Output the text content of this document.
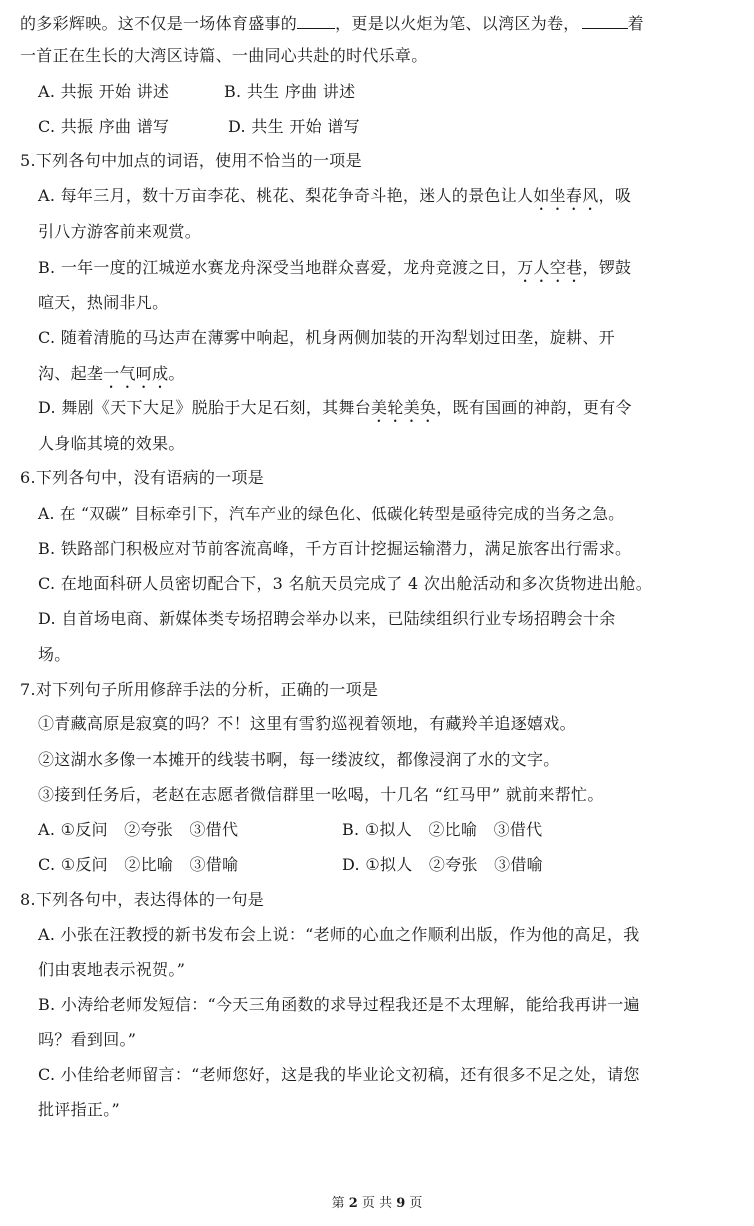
的多彩辉映。这不仅是一场体育盛事的 ，更是以火炬为笔、以湾区为卷，	着
一首正在生长的大湾区诗篇、一曲同心共赴的时代乐章。
A. 共振 开始 讲述	B. 共生 序曲 讲述
C. 共振 序曲 谱写	D. 共生 开始 谱写
5.下列各句中加点的词语，使用不恰当的一项是
A. 每年三月，数十万亩李花、桃花、梨花争奇斗艳，迷人的景色让人如坐春风，吸
引八方游客前来观赏。
B. 一年一度的江城逆水赛龙舟深受当地群众喜爱，龙舟竞渡之日，万人空巷，锣鼓
喧天，热闹非凡。
C. 随着清脆的马达声在薄雾中响起，机身两侧加装的开沟犁划过田垄，旋耕、开
沟、起垄一气呵成。
D. 舞剧《天下大足》脱胎于大足石刻，其舞台美轮美奂，既有国画的神韵，更有令
人身临其境的效果。
6.下列各句中，没有语病的一项是
A. 在 “双碳” 目标牵引下，汽车产业的绿色化、低碳化转型是亟待完成的当务之急。
B. 铁路部门积极应对节前客流高峰，千方百计挖掘运输潜力，满足旅客出行需求。
C. 在地面科研人员密切配合下，3 名航天员完成了 4 次出舱活动和多次货物进出舱。
D. 自首场电商、新媒体类专场招聘会举办以来，已陆续组织行业专场招聘会十余
场。
7.对下列句子所用修辞手法的分析，正确的一项是
①青藏高原是寂寞的吗？不！这里有雪豹巡视着领地，有藏羚羊追逐嬉戏。
②这湖水多像一本摊开的线装书啊，每一缕波纹，都像浸润了水的文字。
③接到任务后，老赵在志愿者微信群里一吆喝，十几名 “红马甲” 就前来帮忙。
A. ①反问　②夸张　③借代	B. ①拟人　②比喻　③借代
C. ①反问　②比喻　③借喻	D. ①拟人　②夸张　③借喻
8.下列各句中，表达得体的一句是
A. 小张在汪教授的新书发布会上说：“老师的心血之作顺利出版，作为他的高足，我
们由衷地表示祝贺。”
B. 小涛给老师发短信：“今天三角函数的求导过程我还是不太理解，能给我再讲一遍
吗？看到回。”
C. 小佳给老师留言：“老师您好，这是我的毕业论文初稿，还有很多不足之处，请您
批评指正。”
第 2 页 共 9 页
